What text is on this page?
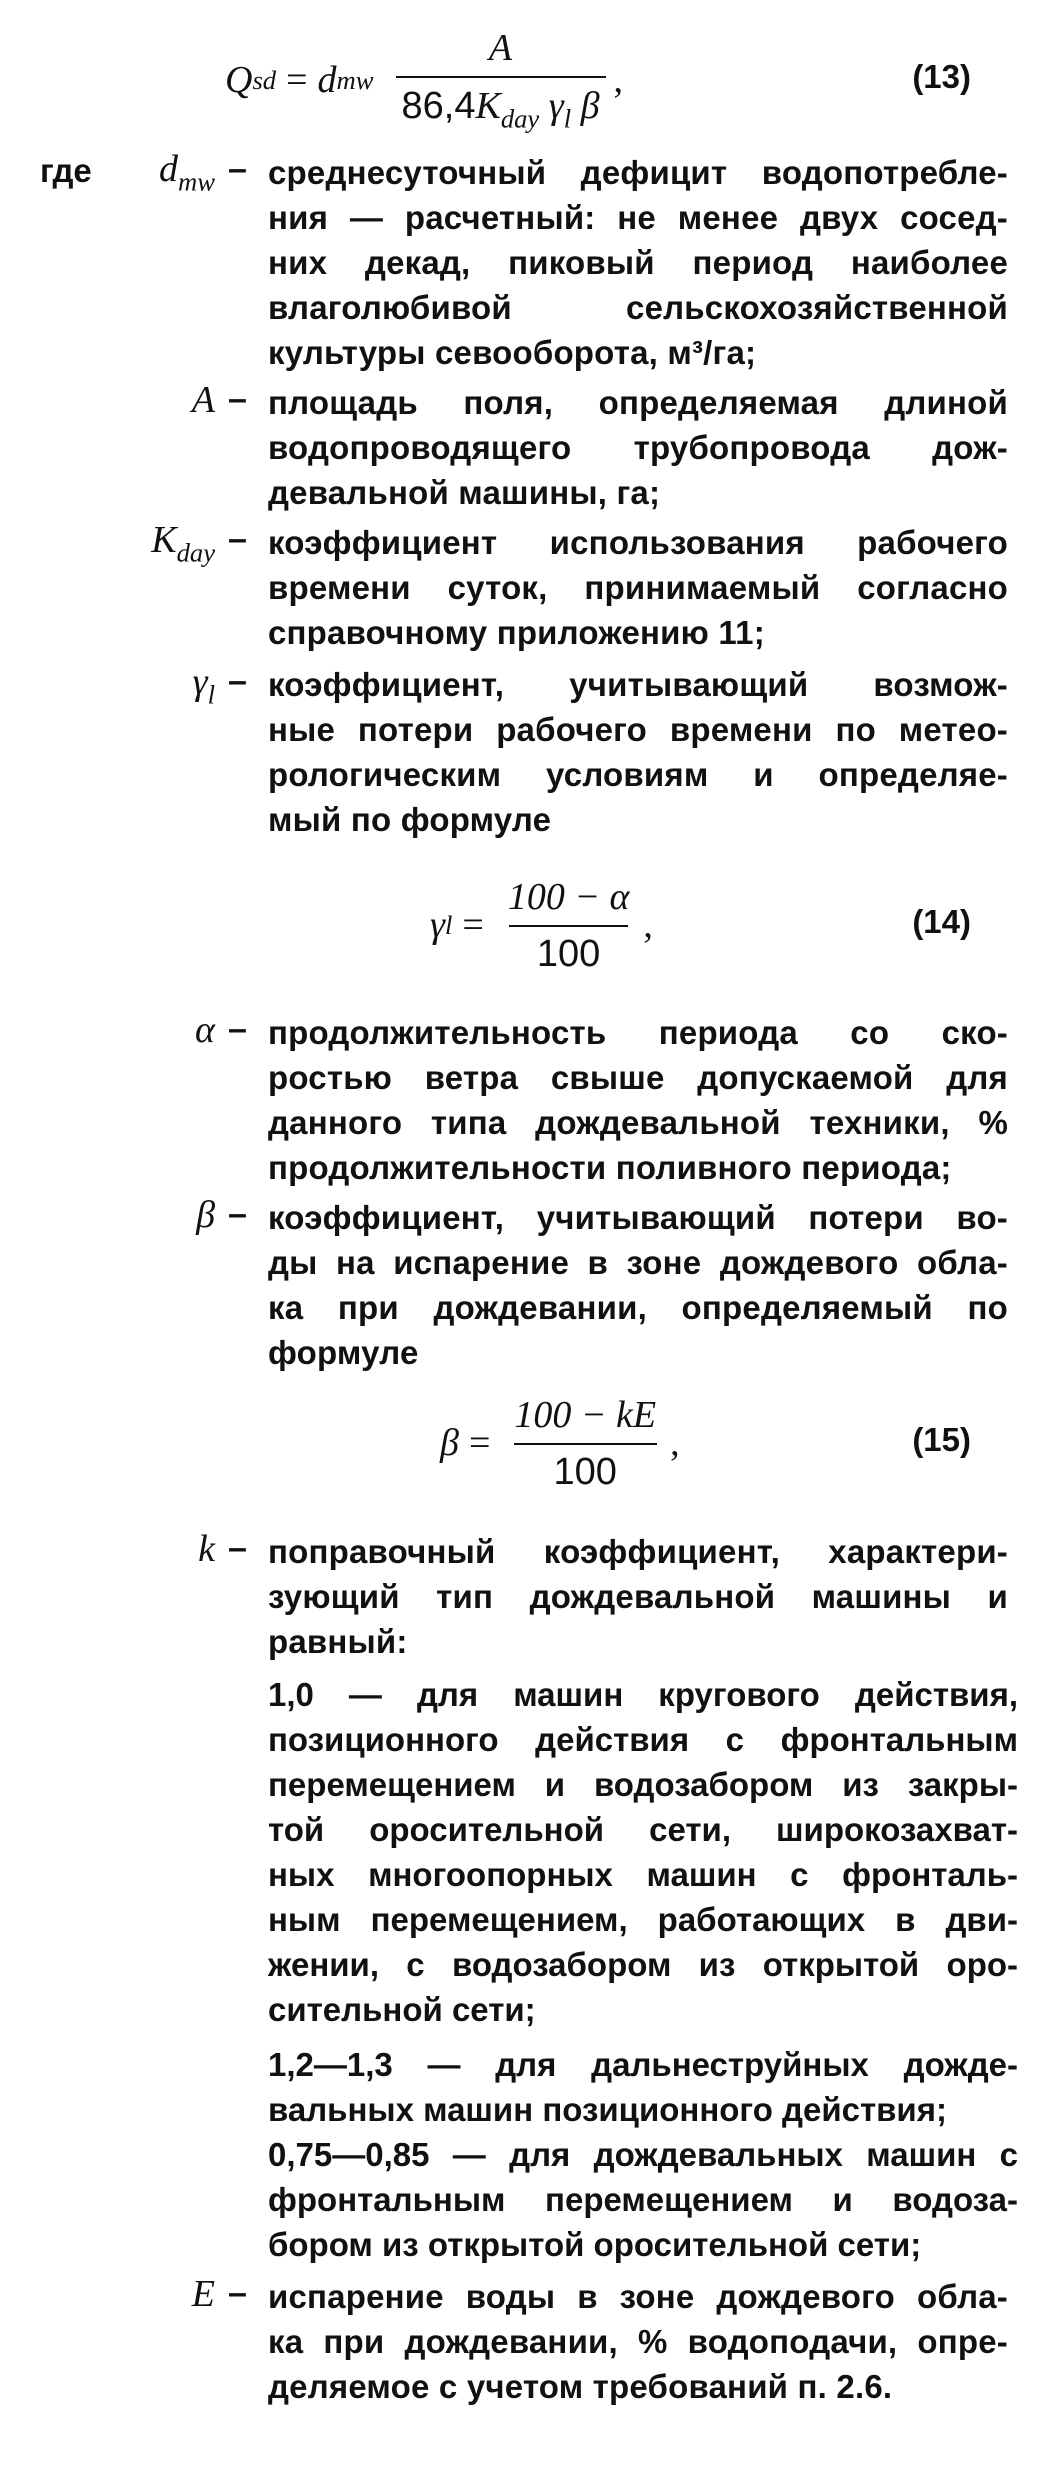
Q sd = d mw $\frac{A}{86,4K_{day} \gamma_l \beta}$ ,	(13)
где	$d_{mw}$ – среднесуточный дефицит водопотребле-
ния — расчетный: не менее двух сосед-
них декад, пиковый период наиболее
влаголюбивой сельскохозяйственной
культуры севооборота, м³/га;
A – площадь поля, определяемая длиной
водопроводящего трубопровода дож-
девальной машины, га;
$K_{day}$ – коэффициент использования рабочего
времени суток, принимаемый согласно
справочному приложению 11;
$\gamma_l$ – коэффициент, учитывающий возмож-
ные потери рабочего времени по метео-
рологическим условиям и определяе-
мый по формуле
γ $l = \frac{100 - \alpha}{100}$ ,	(14)
α – продолжительность периода со ско-
ростью ветра свыше допускаемой для
данного типа дождевальной техники, %
продолжительности поливного периода;
β – коэффициент, учитывающий потери во-
ды на испарение в зоне дождевого обла-
ка при дождевании, определяемый по
формуле
$\beta = \frac{100 - kE}{100}$ ,	(15)
k – поправочный коэффициент, характери-
зующий тип дождевальной машины и
равный:
1,0 — для машин кругового действия,
позиционного действия с фронтальным
перемещением и водозабором из закры-
той оросительной сети, широкозахват-
ных многоопорных машин с фронталь-
ным перемещением, работающих в дви-
жении, с водозабором из открытой оро-
сительной сети;
1,2—1,3 — для дальнеструйных дожде-
вальных машин позиционного действия;
0,75—0,85 — для дождевальных машин с
фронтальным перемещением и водоза-
бором из открытой оросительной сети;
E – испарение воды в зоне дождевого обла-
ка при дождевании, % водоподачи, опре-
деляемое с учетом требований п. 2.6.
